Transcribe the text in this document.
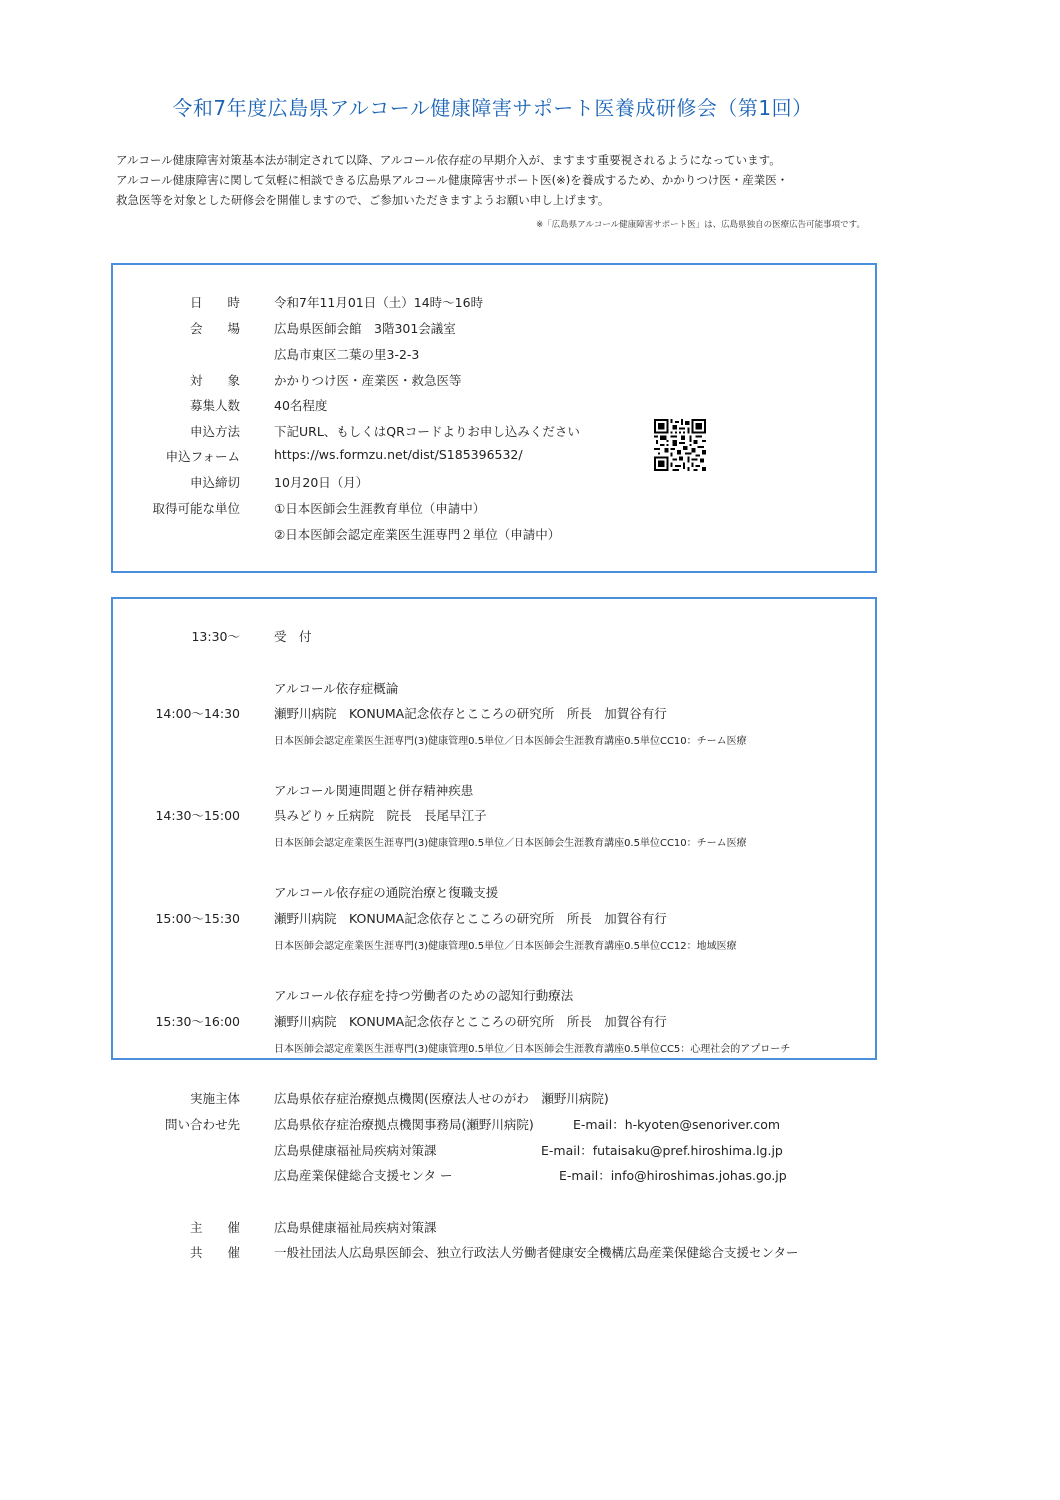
令和7年度広島県アルコール健康障害サポート医養成研修会（第1回）
アルコール健康障害対策基本法が制定されて以降、アルコール依存症の早期介入が、ますます重要視されるようになっています。
アルコール健康障害に関して気軽に相談できる広島県アルコール健康障害サポート医(※)を養成するため、かかりつけ医・産業医・
救急医等を対象とした研修会を開催しますので、ご参加いただきますようお願い申し上げます。
※「広島県アルコール健康障害サポート医」は、広島県独自の医療広告可能事項です。
日　　時	令和7年11月01日（土）14時～16時
会　　場	広島県医師会館　3階301会議室
広島市東区二葉の里3-2-3
対　　象	かかりつけ医・産業医・救急医等
募集人数	40名程度
申込方法	下記URL、もしくはQRコードよりお申し込みください
申込フォーム	https://ws.formzu.net/dist/S185396532/
申込締切	10月20日（月）
取得可能な単位	①日本医師会生涯教育単位（申請中）
②日本医師会認定産業医生涯専門２単位（申請中）
13:30～	受　付
アルコール依存症概論
14:00～14:30	瀬野川病院　KONUMA記念依存とこころの研究所　所長　加賀谷有行
日本医師会認定産業医生涯専門(3)健康管理0.5単位／日本医師会生涯教育講座0.5単位CC10：チーム医療
アルコール関連問題と併存精神疾患
14:30～15:00	呉みどりヶ丘病院　院長　長尾早江子
日本医師会認定産業医生涯専門(3)健康管理0.5単位／日本医師会生涯教育講座0.5単位CC10：チーム医療
アルコール依存症の通院治療と復職支援
15:00～15:30	瀬野川病院　KONUMA記念依存とこころの研究所　所長　加賀谷有行
日本医師会認定産業医生涯専門(3)健康管理0.5単位／日本医師会生涯教育講座0.5単位CC12：地域医療
アルコール依存症を持つ労働者のための認知行動療法
15:30～16:00	瀬野川病院　KONUMA記念依存とこころの研究所　所長　加賀谷有行
日本医師会認定産業医生涯専門(3)健康管理0.5単位／日本医師会生涯教育講座0.5単位CC5：心理社会的アプローチ
実施主体	広島県依存症治療拠点機関(医療法人せのがわ　瀬野川病院)
問い合わせ先	広島県依存症治療拠点機関事務局(瀬野川病院)	E-mail：h-kyoten@senoriver.com
広島県健康福祉局疾病対策課	E-mail：futaisaku@pref.hiroshima.lg.jp
広島産業保健総合支援センタ ー	E-mail：info@hiroshimas.johas.go.jp
主　　催	広島県健康福祉局疾病対策課
共　　催	一般社団法人広島県医師会、独立行政法人労働者健康安全機構広島産業保健総合支援センター
